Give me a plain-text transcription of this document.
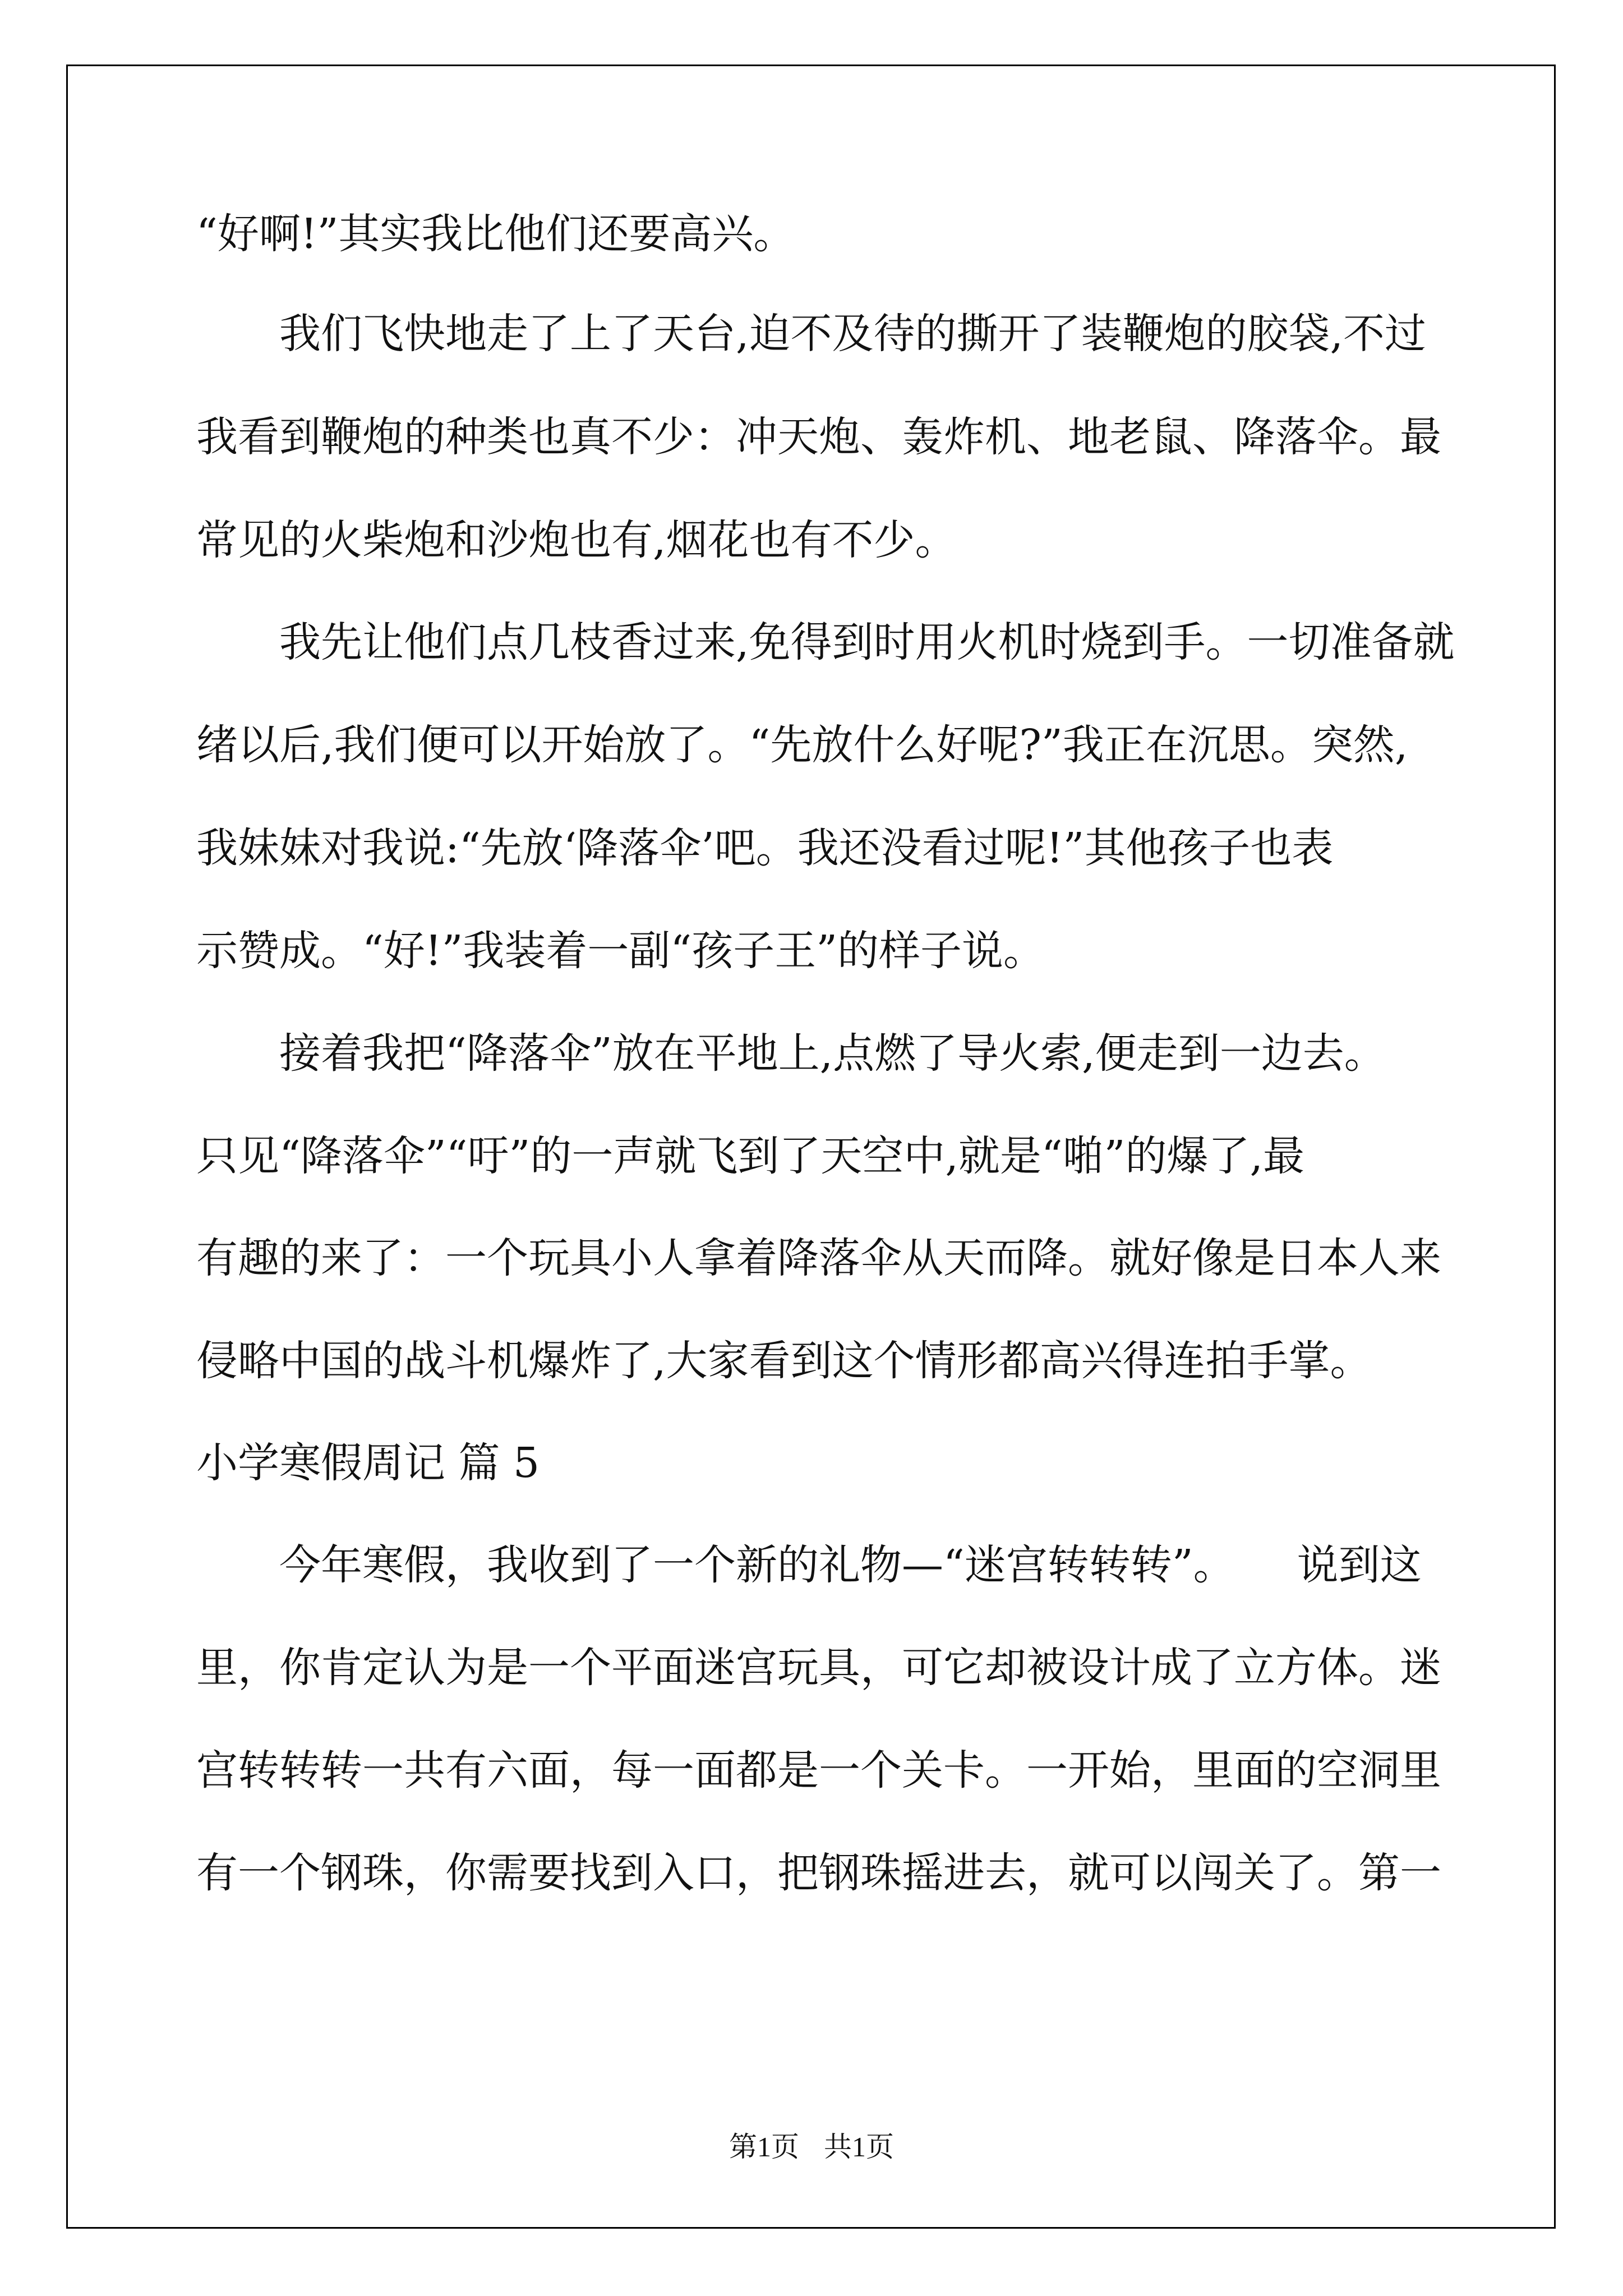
“好啊!”其实我比他们还要高兴。
我们飞快地走了上了天台,迫不及待的撕开了装鞭炮的胶袋,不过
我看到鞭炮的种类也真不少：冲天炮、轰炸机、地老鼠、降落伞。最
常见的火柴炮和沙炮也有,烟花也有不少。
我先让他们点几枝香过来,免得到时用火机时烧到手。一切准备就
绪以后,我们便可以开始放了。“先放什么好呢?”我正在沉思。突然,
我妹妹对我说:“先放‘降落伞’吧。我还没看过呢!”其他孩子也表
示赞成。“好!”我装着一副“孩子王”的样子说。
接着我把“降落伞”放在平地上,点燃了导火索,便走到一边去。
只见“降落伞”“吁”的一声就飞到了天空中,就是“啪”的爆了,最
有趣的来了：一个玩具小人拿着降落伞从天而降。就好像是日本人来
侵略中国的战斗机爆炸了,大家看到这个情形都高兴得连拍手掌。
小学寒假周记 篇 5
今年寒假，我收到了一个新的礼物—“迷宫转转转”。　　说到这
里，你肯定认为是一个平面迷宫玩具，可它却被设计成了立方体。迷
宫转转转一共有六面，每一面都是一个关卡。一开始，里面的空洞里
有一个钢珠，你需要找到入口，把钢珠摇进去，就可以闯关了。第一
第1页 共1页
